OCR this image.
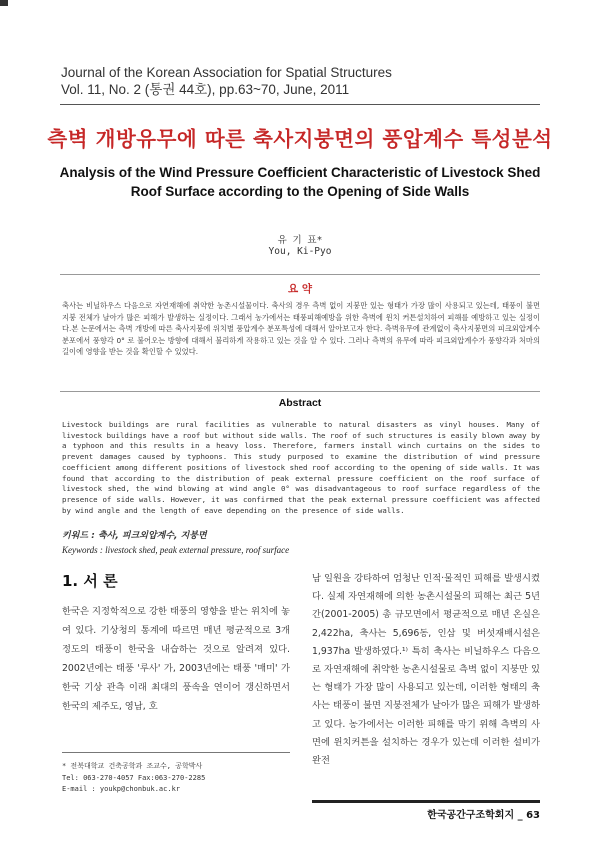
Journal of the Korean Association for Spatial Structures
Vol. 11, No. 2 (통권 44호), pp.63~70, June, 2011
측벽 개방유무에 따른 축사지붕면의 풍압계수 특성분석
Analysis of the Wind Pressure Coefficient Characteristic of Livestock Shed
Roof Surface according to the Opening of Side Walls
유 기 표*
You, Ki-Pyo
요 약
축사는 비닐하우스 다음으로 자연재해에 취약한 농촌시설물이다. 축사의 경우 측벽 없이 지붕만 있는 형태가 가장 많이 사용되고 있는데, 태풍이 불면 지붕 전체가 날아가 많은 피해가 발생하는 실정이다. 그래서 농가에서는 태풍피해예방을 위한 측벽에 윈치 커튼설치하여 피해를 예방하고 있는 실정이다.본 논문에서는 측벽 개방에 따른 축사지붕에 위치별 풍압계수 분포특성에 대해서 알아보고자 한다. 측벽유무에 관계없이 축사지붕면의 피크외압계수분포에서 풍향각 0° 로 불어오는 방향에 대해서 불리하게 작용하고 있는 것을 알 수 있다. 그러나 측벽의 유무에 따라 피크외압계수가 풍향각과 처마의 길이에 영향을 받는 것을 확인할 수 있었다.
Abstract
Livestock buildings are rural facilities as vulnerable to natural disasters as vinyl houses. Many of livestock buildings have a roof but without side walls. The roof of such structures is easily blown away by a typhoon and this results in a heavy loss. Therefore, farmers install winch curtains on the sides to prevent damages caused by typhoons. This study purposed to examine the distribution of wind pressure coefficient among different positions of livestock shed roof according to the opening of side walls. It was found that according to the distribution of peak external pressure coefficient on the roof surface of livestock shed, the wind blowing at wind angle 0° was disadvantageous to roof surface regardless of the presence of side walls. However, it was confirmed that the peak external pressure coefficient was affected by wind angle and the length of eave depending on the presence of side walls.
키워드 : 축사, 피크외압계수, 지붕면
Keywords : livestock shed, peak external pressure, roof surface
1. 서 론
한국은 지정학적으로 강한 태풍의 영향을 받는 위치에 놓여 있다. 기상청의 통계에 따르면 매년 평균적으로 3개 정도의 태풍이 한국을 내습하는 것으로 알려져 있다. 2002년에는 태풍 '루사' 가, 2003년에는 태풍 '매미' 가 한국 기상 관측 이래 최대의 풍속을 연이어 갱신하면서 한국의 제주도, 영남, 호
남 일원을 강타하여 엄청난 인적·물적인 피해를 발생시켰다. 실제 자연재해에 의한 농촌시설물의 피해는 최근 5년간(2001-2005) 총 규모면에서 평균적으로 매년 온실은 2,422ha, 축사는 5,696동, 인삼 및 버섯재배시설은 1,937ha 발생하였다.¹⁾ 특히 축사는 비닐하우스 다음으로 자연재해에 취약한 농촌시설물로 측벽 없이 지붕만 있는 형태가 가장 많이 사용되고 있는데, 이러한 형태의 축사는 태풍이 불면 지붕전체가 날아가 많은 피해가 발생하고 있다. 농가에서는 이러한 피해를 막기 위해 측벽의 사면에 윈치커튼을 설치하는 경우가 있는데 이러한 설비가 완전
* 전북대학교 건축공학과 조교수, 공학박사
Tel: 063-270-4057 Fax:063-270-2285
E-mail : youkp@chonbuk.ac.kr
한국공간구조학회지 _ 63
